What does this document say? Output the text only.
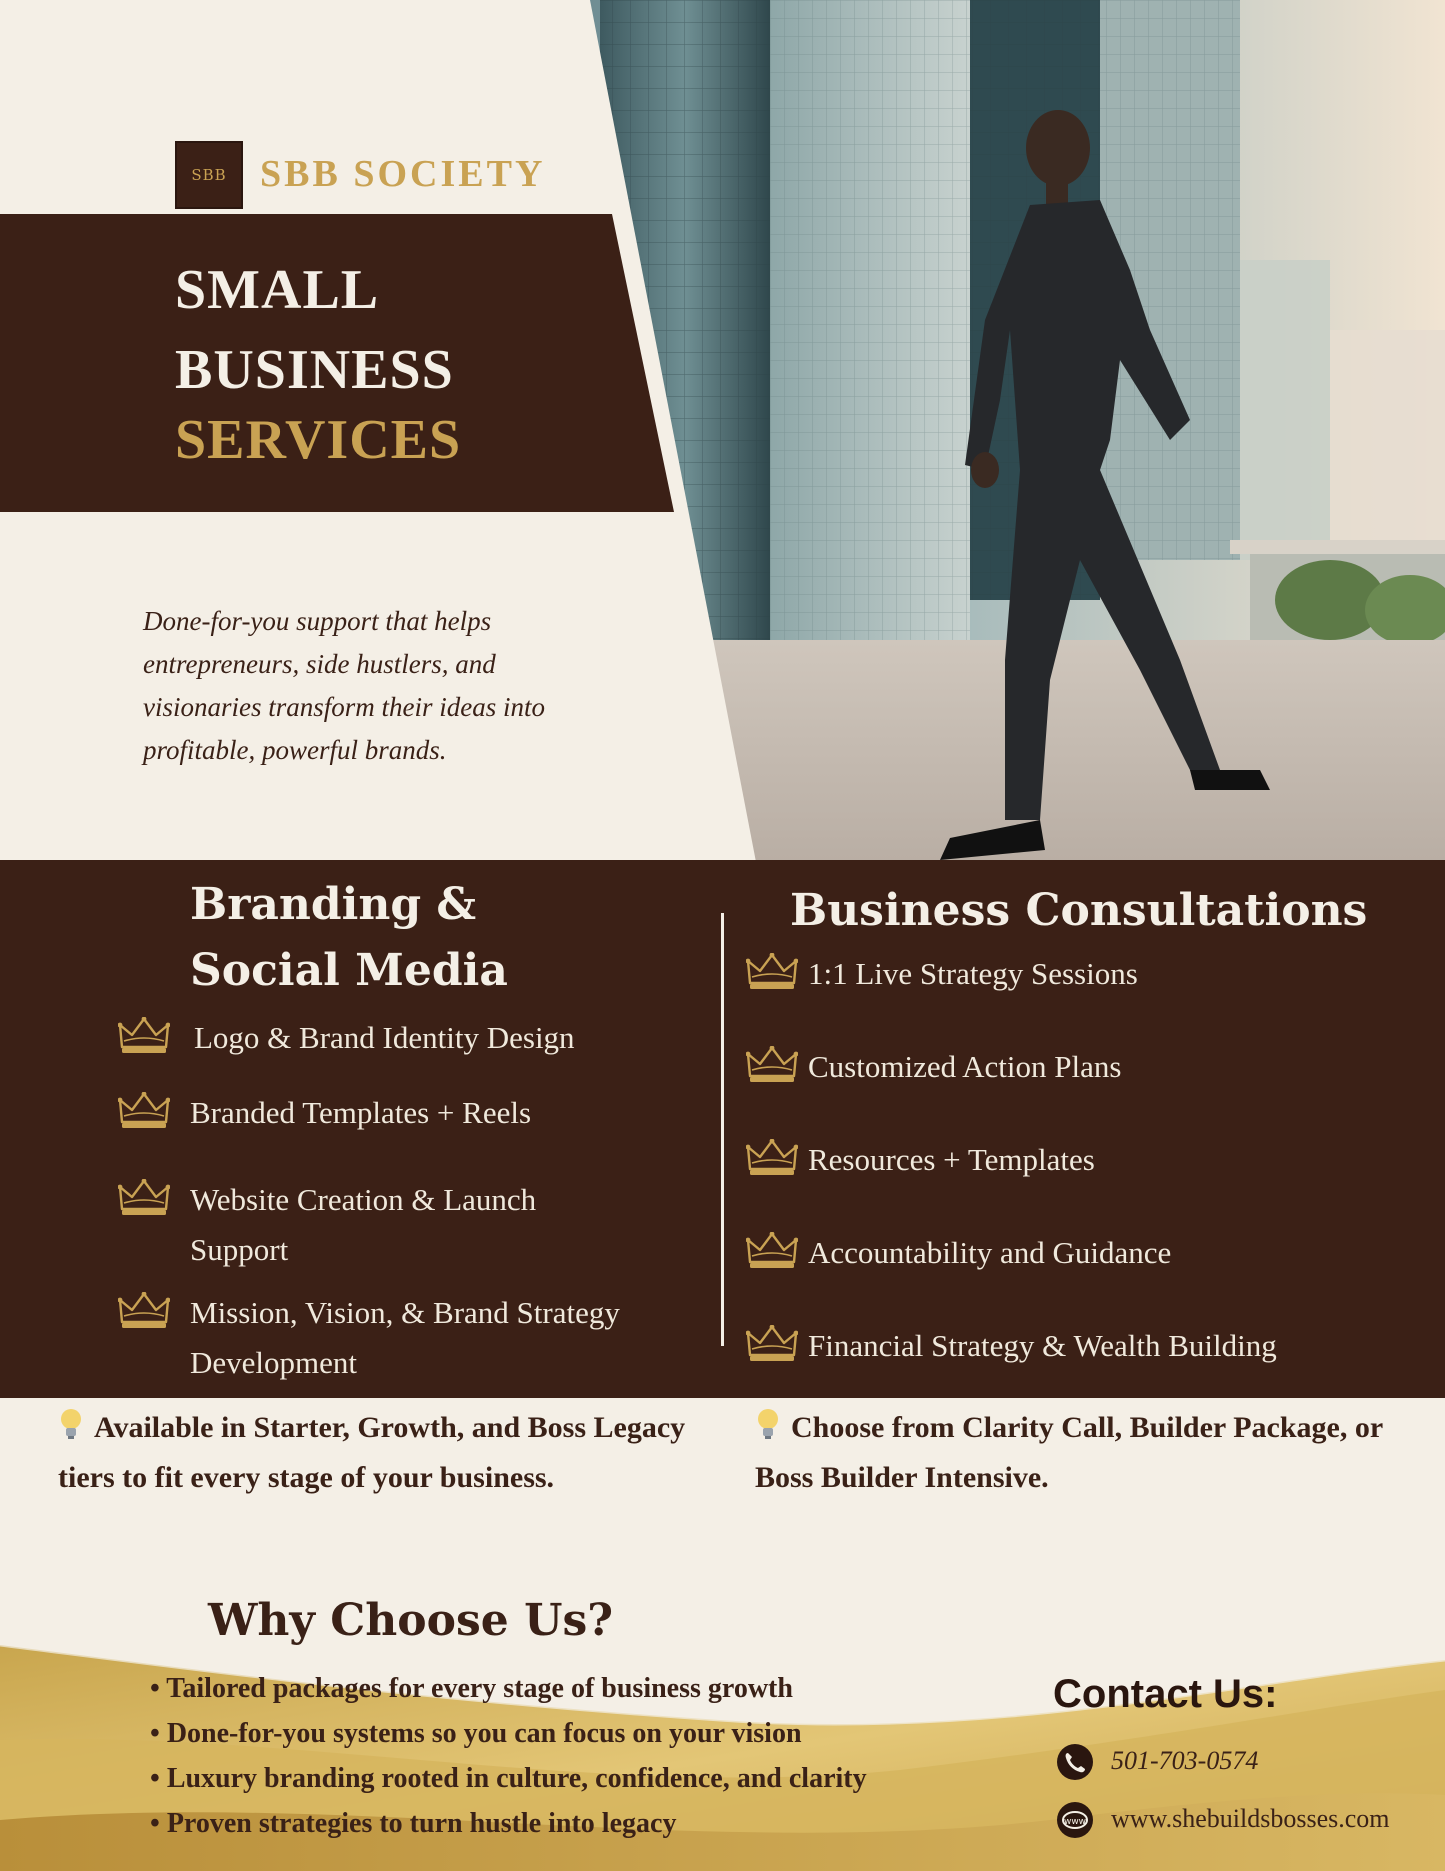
SBB SBB SOCIETY
SMALL
BUSINESS
SERVICES

Done-for-you support that helps entrepreneurs, side hustlers, and visionaries transform their ideas into profitable, powerful brands.

Branding & Social Media
Business Consultations
Logo & Brand Identity Design
Branded Templates + Reels
Website Creation & Launch Support
Mission, Vision, & Brand Strategy Development
1:1 Live Strategy Sessions
Customized Action Plans
Resources + Templates
Accountability and Guidance
Financial Strategy & Wealth Building
Available in Starter, Growth, and Boss Legacy tiers to fit every stage of your business.
Choose from Clarity Call, Builder Package, or Boss Builder Intensive.
Why Choose Us?
• Tailored packages for every stage of business growth
• Done-for-you systems so you can focus on your vision
• Luxury branding rooted in culture, confidence, and clarity
• Proven strategies to turn hustle into legacy
Contact Us:
501-703-0574
www www.shebuildsbosses.com
